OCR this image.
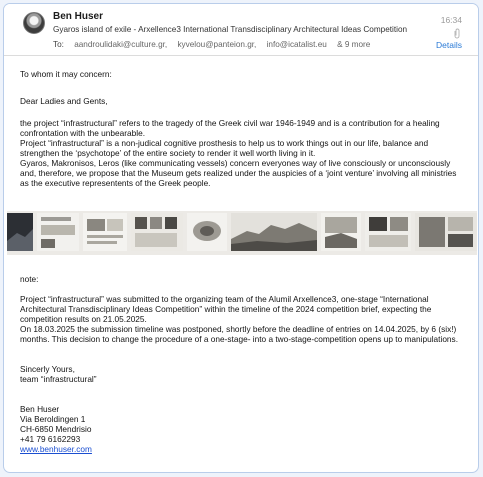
Ben Huser
Gyaros island of exile - Arxellence3 International Transdisciplinary Architectural Ideas Competition
To: aandroulidaki@culture.gr, kyvelou@panteion.gr, info@icatalist.eu & 9 more
16:34
Details

To whom it may concern:

Dear Ladies and Gents,

the project “infrastructural” refers to the tragedy of the Greek civil war 1946-1949 and is a contribution for a healing confrontation with the unbearable.

Project “infrastructural” is a non-judical cognitive prosthesis to help us to work things out in our life, balance and strengthen the ‘psychotope’ of the entire society to render it well worth living in it.

Gyaros, Makronisos, Leros (like communicating vessels) concern everyones way of live consciously or unconsciously and, therefore, we propose that the Museum gets realized under the auspicies of a ‘joint venture’ involving all ministries as the executive representents of the Greek people.

note:

Project “infrastructural” was submitted to the organizing team of the Alumil Arxellence3, one-stage “International Architectural Transdisciplinary Ideas Competition” within the timeline of the 2024 competition brief, expecting the competition results on 21.05.2025.

On 18.03.2025 the submission timeline was postponed, shortly before the deadline of entries on 14.04.2025, by 6 (six!) months. This decision to change the procedure of a one-stage- into a two-stage-competition opens up to manipulations.

Sincerly Yours,

team “infrastructural”

Ben Huser

Via Beroldingen 1

CH-6850 Mendrisio

+41 79 6162293

www.benhuser.com
